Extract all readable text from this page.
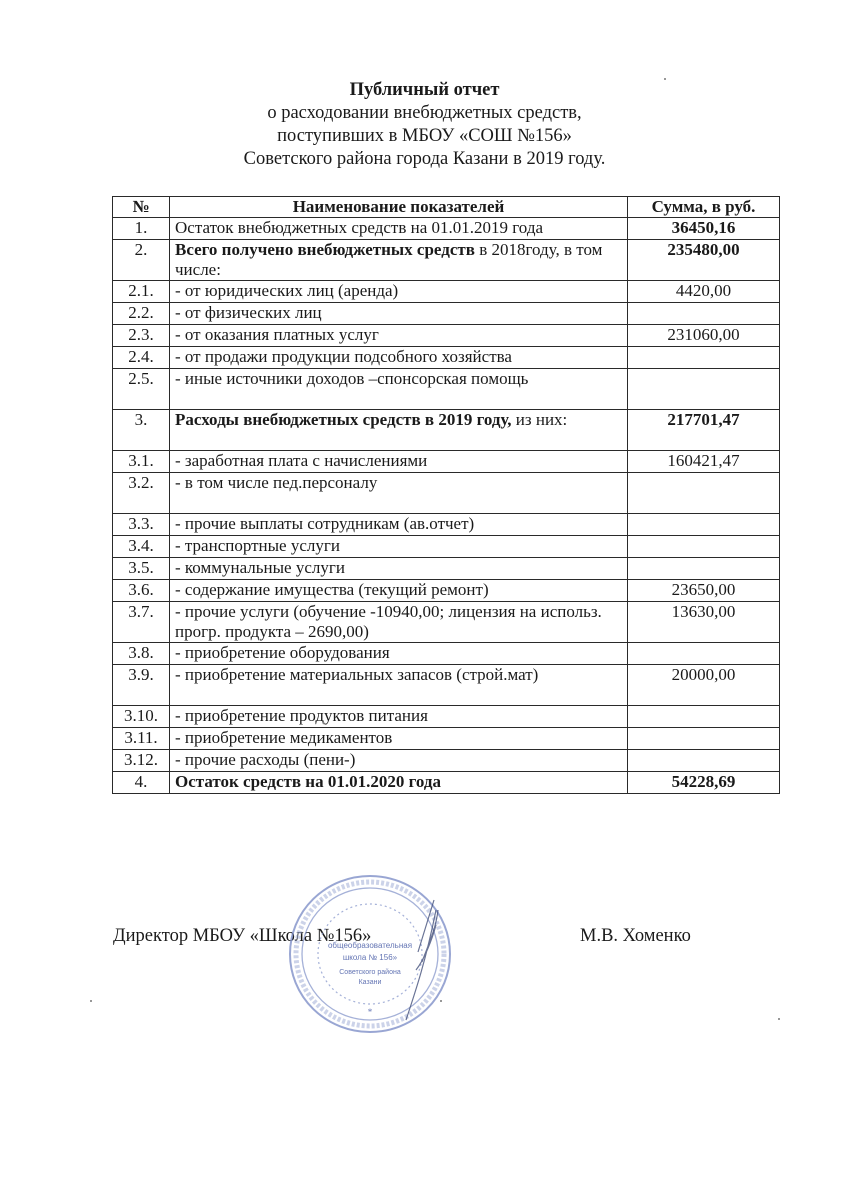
Публичный отчет
о расходовании внебюджетных средств,
поступивших в МБОУ «СОШ №156»
Советского района города Казани в 2019 году.
№	Наименование показателей	Сумма, в руб.
1.	Остаток внебюджетных средств на 01.01.2019 года	36450,16
2.	Всего получено внебюджетных средств в 2018году, в том числе:	235480,00
2.1.	- от юридических лиц (аренда)	4420,00
2.2.	- от физических лиц	
2.3.	- от оказания платных услуг	231060,00
2.4.	- от продажи продукции подсобного хозяйства	
2.5.	- иные источники доходов –спонсорская помощь	
3.	Расходы внебюджетных средств в 2019 году, из них:	217701,47
3.1.	- заработная плата с начислениями	160421,47
3.2.	- в том числе пед.персоналу	
3.3.	- прочие выплаты сотрудникам (ав.отчет)	
3.4.	- транспортные услуги	
3.5.	- коммунальные услуги	
3.6.	- содержание имущества (текущий ремонт)	23650,00
3.7.	- прочие услуги (обучение -10940,00; лицензия на использ. прогр. продукта – 2690,00)	13630,00
3.8.	- приобретение оборудования	
3.9.	- приобретение материальных запасов (строй.мат)	20000,00
3.10.	- приобретение продуктов питания	
3.11.	- приобретение медикаментов	
3.12.	- прочие расходы (пени-)	
4.	Остаток средств на 01.01.2020 года	54228,69
Директор МБОУ «Школа №156»	М.В. Хоменко
общеобразовательная
школа № 156»
Советского района
Казани
*
